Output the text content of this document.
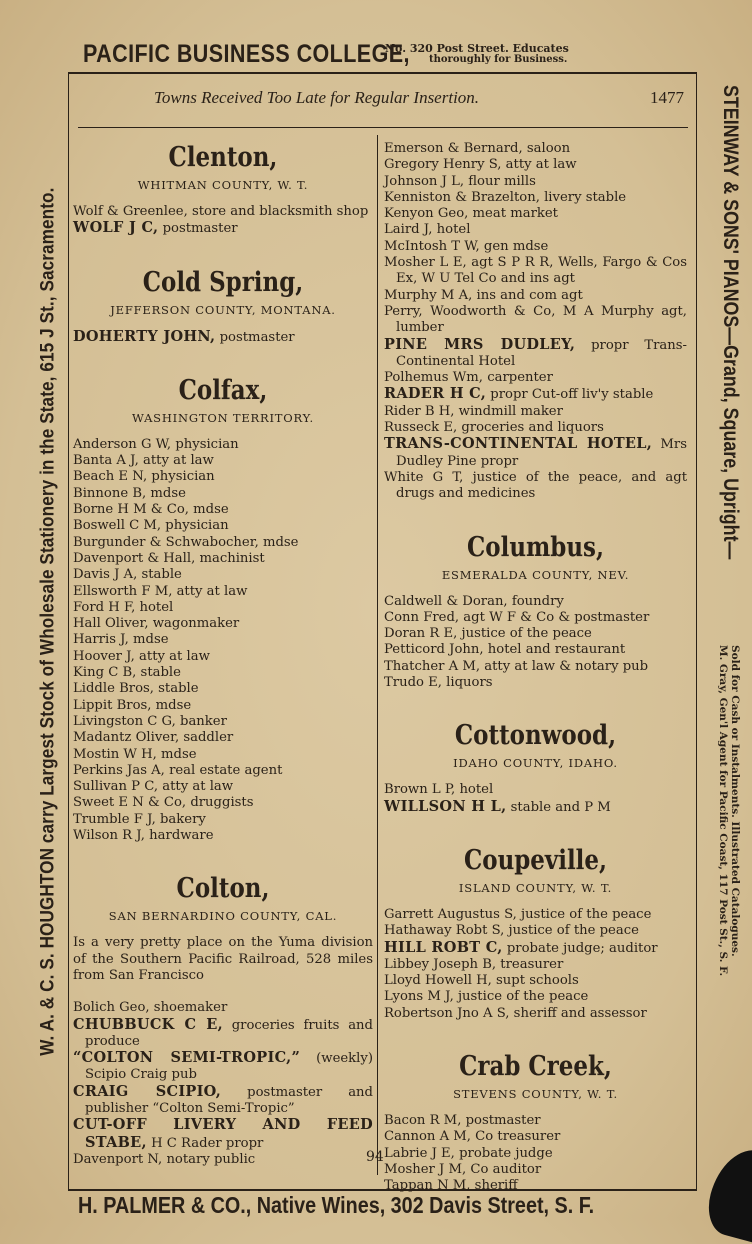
PACIFIC BUSINESS COLLEGE,
No. 320 Post Street. Educates
thoroughly for Business.
Towns Received Too Late for Regular Insertion.	1477
Clenton,
WHITMAN COUNTY, W. T.
Wolf & Greenlee, store and blacksmith shop
WOLF J C, postmaster
Cold Spring,
JEFFERSON COUNTY, MONTANA.
DOHERTY JOHN, postmaster
Colfax,
WASHINGTON TERRITORY.
Anderson G W, physician
Banta A J, atty at law
Beach E N, physician
Binnone B, mdse
Borne H M & Co, mdse
Boswell C M, physician
Burgunder & Schwabocher, mdse
Davenport & Hall, machinist
Davis J A, stable
Ellsworth F M, atty at law
Ford H F, hotel
Hall Oliver, wagonmaker
Harris J, mdse
Hoover J, atty at law
King C B, stable
Liddle Bros, stable
Lippit Bros, mdse
Livingston C G, banker
Madantz Oliver, saddler
Mostin W H, mdse
Perkins Jas A, real estate agent
Sullivan P C, atty at law
Sweet E N & Co, druggists
Trumble F J, bakery
Wilson R J, hardware
Colton,
SAN BERNARDINO COUNTY, CAL.
Is a very pretty place on the Yuma division of the Southern Pacific Railroad, 528 miles from San Francisco
Bolich Geo, shoemaker
CHUBBUCK C E, groceries fruits and produce
“COLTON SEMI-TROPIC,” (weekly) Scipio Craig pub
CRAIG SCIPIO, postmaster and publisher “Colton Semi-Tropic”
CUT-OFF LIVERY AND FEED STABE, H C Rader propr
Davenport N, notary public
Emerson & Bernard, saloon
Gregory Henry S, atty at law
Johnson J L, flour mills
Kenniston & Brazelton, livery stable
Kenyon Geo, meat market
Laird J, hotel
McIntosh T W, gen mdse
Mosher L E, agt S P R R, Wells, Fargo & Cos Ex, W U Tel Co and ins agt
Murphy M A, ins and com agt
Perry, Woodworth & Co, M A Murphy agt, lumber
PINE MRS DUDLEY, propr Trans-Continental Hotel
Polhemus Wm, carpenter
RADER H C, propr Cut-off liv'y stable
Rider B H, windmill maker
Russeck E, groceries and liquors
TRANS-CONTINENTAL HOTEL, Mrs Dudley Pine propr
White G T, justice of the peace, and agt drugs and medicines
Columbus,
ESMERALDA COUNTY, NEV.
Caldwell & Doran, foundry
Conn Fred, agt W F & Co & postmaster
Doran R E, justice of the peace
Petticord John, hotel and restaurant
Thatcher A M, atty at law & notary pub
Trudo E, liquors
Cottonwood,
IDAHO COUNTY, IDAHO.
Brown L P, hotel
WILLSON H L, stable and P M
Coupeville,
ISLAND COUNTY, W. T.
Garrett Augustus S, justice of the peace
Hathaway Robt S, justice of the peace
HILL ROBT C, probate judge; auditor
Libbey Joseph B, treasurer
Lloyd Howell H, supt schools
Lyons M J, justice of the peace
Robertson Jno A S, sheriff and assessor
Crab Creek,
STEVENS COUNTY, W. T.
Bacon R M, postmaster
Cannon A M, Co treasurer
Labrie J E, probate judge
Mosher J M, Co auditor
Tappan N M, sheriff
94
H. PALMER & CO., Native Wines, 302 Davis Street, S. F.
W. A. & C. S. HOUGHTON carry Largest Stock of Wholesale Stationery in the State, 615 J St., Sacramento.	STEINWAY & SONS' PIANOS—Grand, Square, Upright—
Sold for Cash or Instalments. Illustrated Catalogues.
M. Gray, Gen'l Agent for Pacific Coast, 117 Post St., S. F.
